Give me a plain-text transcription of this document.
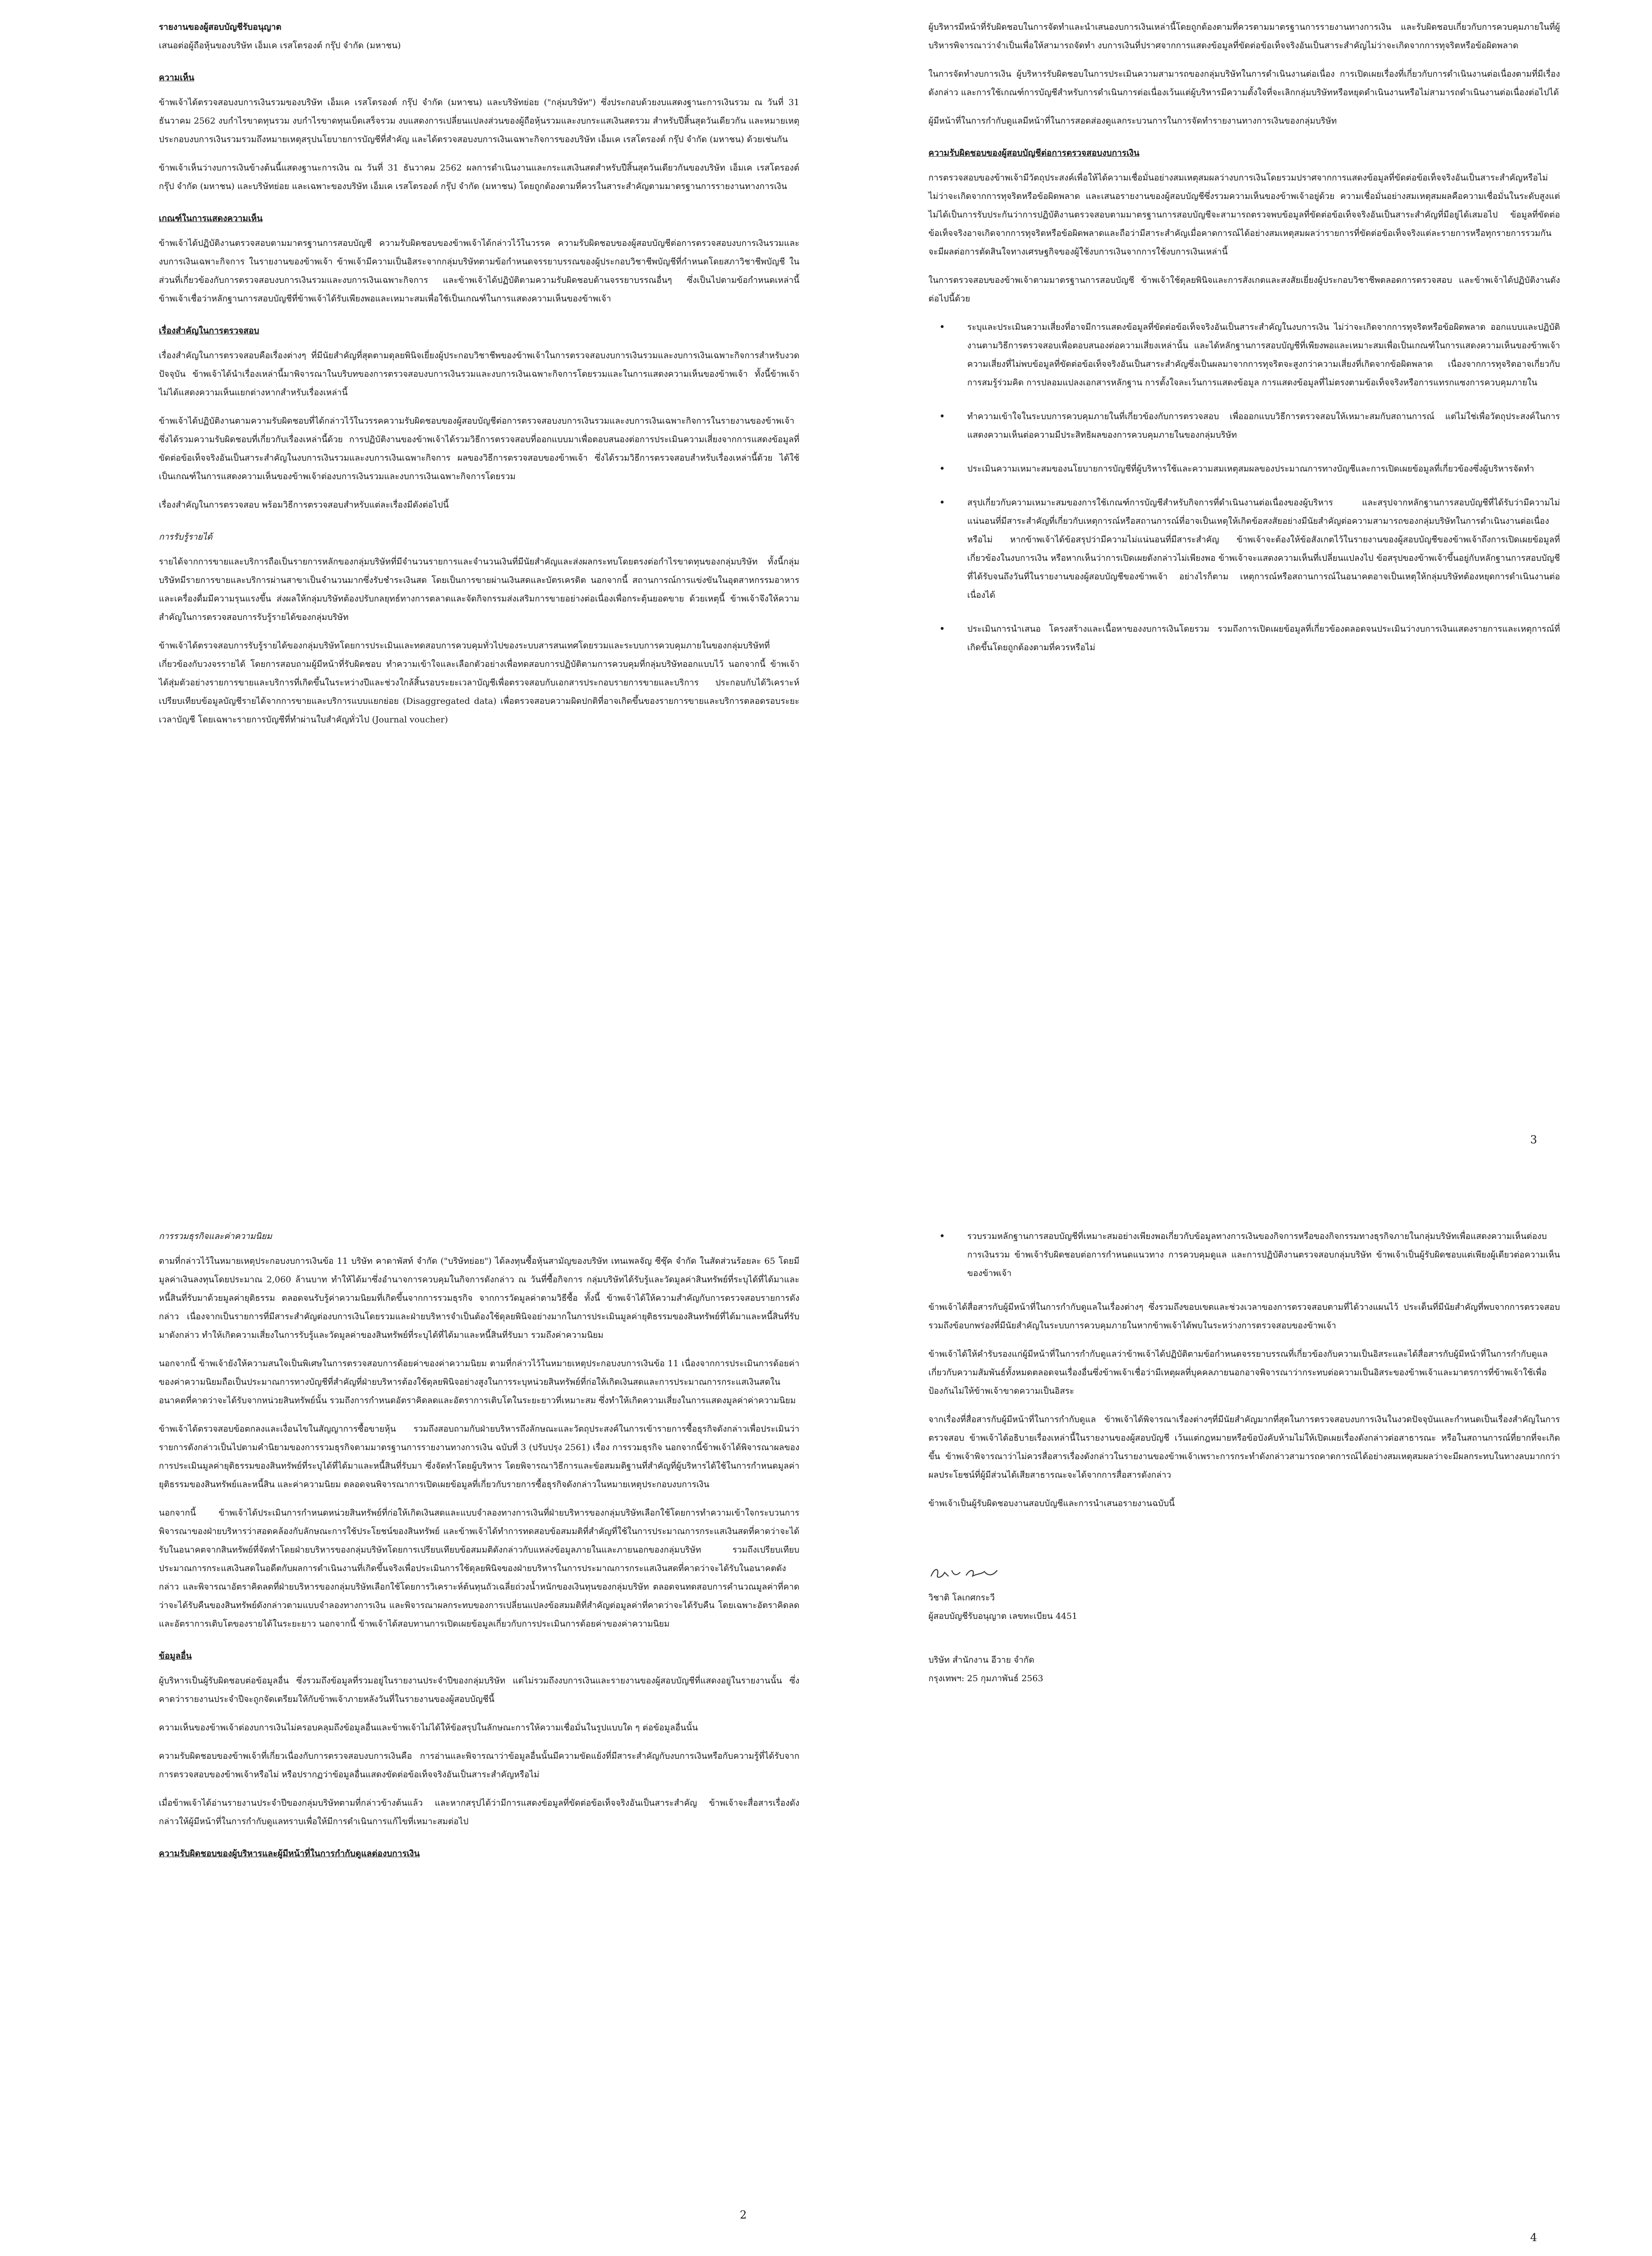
รายงานของผู้สอบบัญชีรับอนุญาต

เสนอต่อผู้ถือหุ้นของบริษัท เอ็มเค เรสโตรองต์ กรุ๊ป จำกัด (มหาชน)

ความเห็น

ข้าพเจ้าได้ตรวจสอบงบการเงินรวมของบริษัท เอ็มเค เรสโตรองต์ กรุ๊ป จำกัด (มหาชน) และบริษัทย่อย ("กลุ่มบริษัท") ซึ่งประกอบด้วยงบแสดงฐานะการเงินรวม ณ วันที่ 31 ธันวาคม 2562 งบกำไรขาดทุนรวม งบกำไรขาดทุนเบ็ดเสร็จรวม งบแสดงการเปลี่ยนแปลงส่วนของผู้ถือหุ้นรวมและงบกระแสเงินสดรวม สำหรับปีสิ้นสุดวันเดียวกัน และหมายเหตุประกอบงบการเงินรวมรวมถึงหมายเหตุสรุปนโยบายการบัญชีที่สำคัญ และได้ตรวจสอบงบการเงินเฉพาะกิจการของบริษัท เอ็มเค เรสโตรองต์ กรุ๊ป จำกัด (มหาชน) ด้วยเช่นกัน

ข้าพเจ้าเห็นว่างบการเงินข้างต้นนี้แสดงฐานะการเงิน ณ วันที่ 31 ธันวาคม 2562 ผลการดำเนินงานและกระแสเงินสดสำหรับปีสิ้นสุดวันเดียวกันของบริษัท เอ็มเค เรสโตรองต์ กรุ๊ป จำกัด (มหาชน) และบริษัทย่อย และเฉพาะของบริษัท เอ็มเค เรสโตรองต์ กรุ๊ป จำกัด (มหาชน) โดยถูกต้องตามที่ควรในสาระสำคัญตามมาตรฐานการรายงานทางการเงิน

เกณฑ์ในการแสดงความเห็น

ข้าพเจ้าได้ปฏิบัติงานตรวจสอบตามมาตรฐานการสอบบัญชี ความรับผิดชอบของข้าพเจ้าได้กล่าวไว้ในวรรค ความรับผิดชอบของผู้สอบบัญชีต่อการตรวจสอบงบการเงินรวมและงบการเงินเฉพาะกิจการ ในรายงานของข้าพเจ้า ข้าพเจ้ามีความเป็นอิสระจากกลุ่มบริษัทตามข้อกำหนดจรรยาบรรณของผู้ประกอบวิชาชีพบัญชีที่กำหนดโดยสภาวิชาชีพบัญชี ในส่วนที่เกี่ยวข้องกับการตรวจสอบงบการเงินรวมและงบการเงินเฉพาะกิจการ และข้าพเจ้าได้ปฏิบัติตามความรับผิดชอบด้านจรรยาบรรณอื่นๆ ซึ่งเป็นไปตามข้อกำหนดเหล่านี้ ข้าพเจ้าเชื่อว่าหลักฐานการสอบบัญชีที่ข้าพเจ้าได้รับเพียงพอและเหมาะสมเพื่อใช้เป็นเกณฑ์ในการแสดงความเห็นของข้าพเจ้า

เรื่องสำคัญในการตรวจสอบ

เรื่องสำคัญในการตรวจสอบคือเรื่องต่างๆ ที่มีนัยสำคัญที่สุดตามดุลยพินิจเยี่ยงผู้ประกอบวิชาชีพของข้าพเจ้าในการตรวจสอบงบการเงินรวมและงบการเงินเฉพาะกิจการสำหรับงวดปัจจุบัน ข้าพเจ้าได้นำเรื่องเหล่านี้มาพิจารณาในบริบทของการตรวจสอบงบการเงินรวมและงบการเงินเฉพาะกิจการโดยรวมและในการแสดงความเห็นของข้าพเจ้า ทั้งนี้ข้าพเจ้าไม่ได้แสดงความเห็นแยกต่างหากสำหรับเรื่องเหล่านี้

ข้าพเจ้าได้ปฏิบัติงานตามความรับผิดชอบที่ได้กล่าวไว้ในวรรคความรับผิดชอบของผู้สอบบัญชีต่อการตรวจสอบงบการเงินรวมและงบการเงินเฉพาะกิจการในรายงานของข้าพเจ้า ซึ่งได้รวมความรับผิดชอบที่เกี่ยวกับเรื่องเหล่านี้ด้วย การปฏิบัติงานของข้าพเจ้าได้รวมวิธีการตรวจสอบที่ออกแบบมาเพื่อตอบสนองต่อการประเมินความเสี่ยงจากการแสดงข้อมูลที่ขัดต่อข้อเท็จจริงอันเป็นสาระสำคัญในงบการเงินรวมและงบการเงินเฉพาะกิจการ ผลของวิธีการตรวจสอบของข้าพเจ้า ซึ่งได้รวมวิธีการตรวจสอบสำหรับเรื่องเหล่านี้ด้วย ได้ใช้เป็นเกณฑ์ในการแสดงความเห็นของข้าพเจ้าต่องบการเงินรวมและงบการเงินเฉพาะกิจการโดยรวม

เรื่องสำคัญในการตรวจสอบ พร้อมวิธีการตรวจสอบสำหรับแต่ละเรื่องมีดังต่อไปนี้

การรับรู้รายได้

รายได้จากการขายและบริการถือเป็นรายการหลักของกลุ่มบริษัทที่มีจำนวนรายการและจำนวนเงินที่มีนัยสำคัญและส่งผลกระทบโดยตรงต่อกำไรขาดทุนของกลุ่มบริษัท ทั้งนี้กลุ่มบริษัทมีรายการขายและบริการผ่านสาขาเป็นจำนวนมากซึ่งรับชำระเงินสด โดยเป็นการขายผ่านเงินสดและบัตรเครดิต นอกจากนี้ สถานการณ์การแข่งขันในอุตสาหกรรมอาหารและเครื่องดื่มมีความรุนแรงขึ้น ส่งผลให้กลุ่มบริษัทต้องปรับกลยุทธ์ทางการตลาดและจัดกิจกรรมส่งเสริมการขายอย่างต่อเนื่องเพื่อกระตุ้นยอดขาย ด้วยเหตุนี้ ข้าพเจ้าจึงให้ความสำคัญในการตรวจสอบการรับรู้รายได้ของกลุ่มบริษัท

ข้าพเจ้าได้ตรวจสอบการรับรู้รายได้ของกลุ่มบริษัทโดยการประเมินและทดสอบการควบคุมทั่วไปของระบบสารสนเทศโดยรวมและระบบการควบคุมภายในของกลุ่มบริษัทที่เกี่ยวข้องกับวงจรรายได้ โดยการสอบถามผู้มีหน้าที่รับผิดชอบ ทำความเข้าใจและเลือกตัวอย่างเพื่อทดสอบการปฏิบัติตามการควบคุมที่กลุ่มบริษัทออกแบบไว้ นอกจากนี้ ข้าพเจ้าได้สุ่มตัวอย่างรายการขายและบริการที่เกิดขึ้นในระหว่างปีและช่วงใกล้สิ้นรอบระยะเวลาบัญชีเพื่อตรวจสอบกับเอกสารประกอบรายการขายและบริการ ประกอบกับได้วิเคราะห์เปรียบเทียบข้อมูลบัญชีรายได้จากการขายและบริการแบบแยกย่อย (Disaggregated data) เพื่อตรวจสอบความผิดปกติที่อาจเกิดขึ้นของรายการขายและบริการตลอดรอบระยะเวลาบัญชี โดยเฉพาะรายการบัญชีที่ทำผ่านใบสำคัญทั่วไป (Journal voucher)

ผู้บริหารมีหน้าที่รับผิดชอบในการจัดทำและนำเสนองบการเงินเหล่านี้โดยถูกต้องตามที่ควรตามมาตรฐานการรายงานทางการเงิน และรับผิดชอบเกี่ยวกับการควบคุมภายในที่ผู้บริหารพิจารณาว่าจำเป็นเพื่อให้สามารถจัดทำ งบการเงินที่ปราศจากการแสดงข้อมูลที่ขัดต่อข้อเท็จจริงอันเป็นสาระสำคัญไม่ว่าจะเกิดจากการทุจริตหรือข้อผิดพลาด

ในการจัดทำงบการเงิน ผู้บริหารรับผิดชอบในการประเมินความสามารถของกลุ่มบริษัทในการดำเนินงานต่อเนื่อง การเปิดเผยเรื่องที่เกี่ยวกับการดำเนินงานต่อเนื่องตามที่มีเรื่องดังกล่าว และการใช้เกณฑ์การบัญชีสำหรับการดำเนินการต่อเนื่องเว้นแต่ผู้บริหารมีความตั้งใจที่จะเลิกกลุ่มบริษัทหรือหยุดดำเนินงานหรือไม่สามารถดำเนินงานต่อเนื่องต่อไปได้

ผู้มีหน้าที่ในการกำกับดูแลมีหน้าที่ในการสอดส่องดูแลกระบวนการในการจัดทำรายงานทางการเงินของกลุ่มบริษัท

ความรับผิดชอบของผู้สอบบัญชีต่อการตรวจสอบงบการเงิน

การตรวจสอบของข้าพเจ้ามีวัตถุประสงค์เพื่อให้ได้ความเชื่อมั่นอย่างสมเหตุสมผลว่างบการเงินโดยรวมปราศจากการแสดงข้อมูลที่ขัดต่อข้อเท็จจริงอันเป็นสาระสำคัญหรือไม่ ไม่ว่าจะเกิดจากการทุจริตหรือข้อผิดพลาด และเสนอรายงานของผู้สอบบัญชีซึ่งรวมความเห็นของข้าพเจ้าอยู่ด้วย ความเชื่อมั่นอย่างสมเหตุสมผลคือความเชื่อมั่นในระดับสูงแต่ไม่ได้เป็นการรับประกันว่าการปฏิบัติงานตรวจสอบตามมาตรฐานการสอบบัญชีจะสามารถตรวจพบข้อมูลที่ขัดต่อข้อเท็จจริงอันเป็นสาระสำคัญที่มีอยู่ได้เสมอไป ข้อมูลที่ขัดต่อข้อเท็จจริงอาจเกิดจากการทุจริตหรือข้อผิดพลาดและถือว่ามีสาระสำคัญเมื่อคาดการณ์ได้อย่างสมเหตุสมผลว่ารายการที่ขัดต่อข้อเท็จจริงแต่ละรายการหรือทุกรายการรวมกันจะมีผลต่อการตัดสินใจทางเศรษฐกิจของผู้ใช้งบการเงินจากการใช้งบการเงินเหล่านี้

ในการตรวจสอบของข้าพเจ้าตามมาตรฐานการสอบบัญชี ข้าพเจ้าใช้ดุลยพินิจและการสังเกตและสงสัยเยี่ยงผู้ประกอบวิชาชีพตลอดการตรวจสอบ และข้าพเจ้าได้ปฏิบัติงานดังต่อไปนี้ด้วย

•	ระบุและประเมินความเสี่ยงที่อาจมีการแสดงข้อมูลที่ขัดต่อข้อเท็จจริงอันเป็นสาระสำคัญในงบการเงิน ไม่ว่าจะเกิดจากการทุจริตหรือข้อผิดพลาด ออกแบบและปฏิบัติงานตามวิธีการตรวจสอบเพื่อตอบสนองต่อความเสี่ยงเหล่านั้น และได้หลักฐานการสอบบัญชีที่เพียงพอและเหมาะสมเพื่อเป็นเกณฑ์ในการแสดงความเห็นของข้าพเจ้า ความเสี่ยงที่ไม่พบข้อมูลที่ขัดต่อข้อเท็จจริงอันเป็นสาระสำคัญซึ่งเป็นผลมาจากการทุจริตจะสูงกว่าความเสี่ยงที่เกิดจากข้อผิดพลาด เนื่องจากการทุจริตอาจเกี่ยวกับการสมรู้ร่วมคิด การปลอมแปลงเอกสารหลักฐาน การตั้งใจละเว้นการแสดงข้อมูล การแสดงข้อมูลที่ไม่ตรงตามข้อเท็จจริงหรือการแทรกแซงการควบคุมภายใน
•	ทำความเข้าใจในระบบการควบคุมภายในที่เกี่ยวข้องกับการตรวจสอบ เพื่อออกแบบวิธีการตรวจสอบให้เหมาะสมกับสถานการณ์ แต่ไม่ใช่เพื่อวัตถุประสงค์ในการแสดงความเห็นต่อความมีประสิทธิผลของการควบคุมภายในของกลุ่มบริษัท
•	ประเมินความเหมาะสมของนโยบายการบัญชีที่ผู้บริหารใช้และความสมเหตุสมผลของประมาณการทางบัญชีและการเปิดเผยข้อมูลที่เกี่ยวข้องซึ่งผู้บริหารจัดทำ
•	สรุปเกี่ยวกับความเหมาะสมของการใช้เกณฑ์การบัญชีสำหรับกิจการที่ดำเนินงานต่อเนื่องของผู้บริหาร และสรุปจากหลักฐานการสอบบัญชีที่ได้รับว่ามีความไม่แน่นอนที่มีสาระสำคัญที่เกี่ยวกับเหตุการณ์หรือสถานการณ์ที่อาจเป็นเหตุให้เกิดข้อสงสัยอย่างมีนัยสำคัญต่อความสามารถของกลุ่มบริษัทในการดำเนินงานต่อเนื่องหรือไม่ หากข้าพเจ้าได้ข้อสรุปว่ามีความไม่แน่นอนที่มีสาระสำคัญ ข้าพเจ้าจะต้องให้ข้อสังเกตไว้ในรายงานของผู้สอบบัญชีของข้าพเจ้าถึงการเปิดเผยข้อมูลที่เกี่ยวข้องในงบการเงิน หรือหากเห็นว่าการเปิดเผยดังกล่าวไม่เพียงพอ ข้าพเจ้าจะแสดงความเห็นที่เปลี่ยนแปลงไป ข้อสรุปของข้าพเจ้าขึ้นอยู่กับหลักฐานการสอบบัญชีที่ได้รับจนถึงวันที่ในรายงานของผู้สอบบัญชีของข้าพเจ้า อย่างไรก็ตาม เหตุการณ์หรือสถานการณ์ในอนาคตอาจเป็นเหตุให้กลุ่มบริษัทต้องหยุดการดำเนินงานต่อเนื่องได้
•	ประเมินการนำเสนอ โครงสร้างและเนื้อหาของงบการเงินโดยรวม รวมถึงการเปิดเผยข้อมูลที่เกี่ยวข้องตลอดจนประเมินว่างบการเงินแสดงรายการและเหตุการณ์ที่เกิดขึ้นโดยถูกต้องตามที่ควรหรือไม่

การรวมธุรกิจและค่าความนิยม

ตามที่กล่าวไว้ในหมายเหตุประกอบงบการเงินข้อ 11 บริษัท คาดาพัสท์ จำกัด ("บริษัทย่อย") ได้ลงทุนซื้อหุ้นสามัญของบริษัท เทนเพลจัญ ซีซุ๊ค จำกัด ในสัดส่วนร้อยละ 65 โดยมีมูลค่าเงินลงทุนโดยประมาณ 2,060 ล้านบาท ทำให้ได้มาซึ่งอำนาจการควบคุมในกิจการดังกล่าว ณ วันที่ซื้อกิจการ กลุ่มบริษัทได้รับรู้และวัดมูลค่าสินทรัพย์ที่ระบุได้ที่ได้มาและหนี้สินที่รับมาด้วยมูลค่ายุติธรรม ตลอดจนรับรู้ค่าความนิยมที่เกิดขึ้นจากการรวมธุรกิจ จากการวัดมูลค่าตามวิธีซื้อ ทั้งนี้ ข้าพเจ้าได้ให้ความสำคัญกับการตรวจสอบรายการดังกล่าว เนื่องจากเป็นรายการที่มีสาระสำคัญต่องบการเงินโดยรวมและฝ่ายบริหารจำเป็นต้องใช้ดุลยพินิจอย่างมากในการประเมินมูลค่ายุติธรรมของสินทรัพย์ที่ได้มาและหนี้สินที่รับมาดังกล่าว ทำให้เกิดความเสี่ยงในการรับรู้และวัดมูลค่าของสินทรัพย์ที่ระบุได้ที่ได้มาและหนี้สินที่รับมา รวมถึงค่าความนิยม

นอกจากนี้ ข้าพเจ้ายังให้ความสนใจเป็นพิเศษในการตรวจสอบการด้อยค่าของค่าความนิยม ตามที่กล่าวไว้ในหมายเหตุประกอบงบการเงินข้อ 11 เนื่องจากการประเมินการด้อยค่าของค่าความนิยมถือเป็นประมาณการทางบัญชีที่สำคัญที่ฝ่ายบริหารต้องใช้ดุลยพินิจอย่างสูงในการระบุหน่วยสินทรัพย์ที่ก่อให้เกิดเงินสดและการประมาณการกระแสเงินสดในอนาคตที่คาดว่าจะได้รับจากหน่วยสินทรัพย์นั้น รวมถึงการกำหนดอัตราคิดลดและอัตราการเติบโตในระยะยาวที่เหมาะสม ซึ่งทำให้เกิดความเสี่ยงในการแสดงมูลค่าค่าความนิยม

ข้าพเจ้าได้ตรวจสอบข้อตกลงและเงื่อนไขในสัญญาการซื้อขายหุ้น รวมถึงสอบถามกับฝ่ายบริหารถึงลักษณะและวัตถุประสงค์ในการเข้ารายการซื้อธุรกิจดังกล่าวเพื่อประเมินว่ารายการดังกล่าวเป็นไปตามคำนิยามของการรวมธุรกิจตามมาตรฐานการรายงานทางการเงิน ฉบับที่ 3 (ปรับปรุง 2561) เรื่อง การรวมธุรกิจ นอกจากนี้ข้าพเจ้าได้พิจารณาผลของการประเมินมูลค่ายุติธรรมของสินทรัพย์ที่ระบุได้ที่ได้มาและหนี้สินที่รับมา ซึ่งจัดทำโดยผู้บริหาร โดยพิจารณาวิธีการและข้อสมมติฐานที่สำคัญที่ผู้บริหารได้ใช้ในการกำหนดมูลค่ายุติธรรมของสินทรัพย์และหนี้สิน และค่าความนิยม ตลอดจนพิจารณาการเปิดเผยข้อมูลที่เกี่ยวกับรายการซื้อธุรกิจดังกล่าวในหมายเหตุประกอบงบการเงิน

นอกจากนี้ ข้าพเจ้าได้ประเมินการกำหนดหน่วยสินทรัพย์ที่ก่อให้เกิดเงินสดและแบบจำลองทางการเงินที่ฝ่ายบริหารของกลุ่มบริษัทเลือกใช้โดยการทำความเข้าใจกระบวนการพิจารณาของฝ่ายบริหารว่าสอดคล้องกับลักษณะการใช้ประโยชน์ของสินทรัพย์ และข้าพเจ้าได้ทำการทดสอบข้อสมมติที่สำคัญที่ใช้ในการประมาณการกระแสเงินสดที่คาดว่าจะได้รับในอนาคตจากสินทรัพย์ที่จัดทำโดยฝ่ายบริหารของกลุ่มบริษัทโดยการเปรียบเทียบข้อสมมติดังกล่าวกับแหล่งข้อมูลภายในและภายนอกของกลุ่มบริษัท รวมถึงเปรียบเทียบประมาณการกระแสเงินสดในอดีตกับผลการดำเนินงานที่เกิดขึ้นจริงเพื่อประเมินการใช้ดุลยพินิจของฝ่ายบริหารในการประมาณการกระแสเงินสดที่คาดว่าจะได้รับในอนาคตดังกล่าว และพิจารณาอัตราคิดลดที่ฝ่ายบริหารของกลุ่มบริษัทเลือกใช้โดยการวิเคราะห์ต้นทุนถัวเฉลี่ยถ่วงน้ำหนักของเงินทุนของกลุ่มบริษัท ตลอดจนทดสอบการคำนวณมูลค่าที่คาดว่าจะได้รับคืนของสินทรัพย์ดังกล่าวตามแบบจำลองทางการเงิน และพิจารณาผลกระทบของการเปลี่ยนแปลงข้อสมมติที่สำคัญต่อมูลค่าที่คาดว่าจะได้รับคืน โดยเฉพาะอัตราคิดลดและอัตราการเติบโตของรายได้ในระยะยาว นอกจากนี้ ข้าพเจ้าได้สอบทานการเปิดเผยข้อมูลเกี่ยวกับการประเมินการด้อยค่าของค่าความนิยม

ข้อมูลอื่น

ผู้บริหารเป็นผู้รับผิดชอบต่อข้อมูลอื่น ซึ่งรวมถึงข้อมูลที่รวมอยู่ในรายงานประจำปีของกลุ่มบริษัท แต่ไม่รวมถึงงบการเงินและรายงานของผู้สอบบัญชีที่แสดงอยู่ในรายงานนั้น ซึ่งคาดว่ารายงานประจำปีจะถูกจัดเตรียมให้กับข้าพเจ้าภายหลังวันที่ในรายงานของผู้สอบบัญชีนี้

ความเห็นของข้าพเจ้าต่องบการเงินไม่ครอบคลุมถึงข้อมูลอื่นและข้าพเจ้าไม่ได้ให้ข้อสรุปในลักษณะการให้ความเชื่อมั่นในรูปแบบใด ๆ ต่อข้อมูลอื่นนั้น

ความรับผิดชอบของข้าพเจ้าที่เกี่ยวเนื่องกับการตรวจสอบงบการเงินคือ การอ่านและพิจารณาว่าข้อมูลอื่นนั้นมีความขัดแย้งที่มีสาระสำคัญกับงบการเงินหรือกับความรู้ที่ได้รับจากการตรวจสอบของข้าพเจ้าหรือไม่ หรือปรากฏว่าข้อมูลอื่นแสดงขัดต่อข้อเท็จจริงอันเป็นสาระสำคัญหรือไม่

เมื่อข้าพเจ้าได้อ่านรายงานประจำปีของกลุ่มบริษัทตามที่กล่าวข้างต้นแล้ว และหากสรุปได้ว่ามีการแสดงข้อมูลที่ขัดต่อข้อเท็จจริงอันเป็นสาระสำคัญ ข้าพเจ้าจะสื่อสารเรื่องดังกล่าวให้ผู้มีหน้าที่ในการกำกับดูแลทราบเพื่อให้มีการดำเนินการแก้ไขที่เหมาะสมต่อไป

ความรับผิดชอบของผู้บริหารและผู้มีหน้าที่ในการกำกับดูแลต่องบการเงิน

•	รวบรวมหลักฐานการสอบบัญชีที่เหมาะสมอย่างเพียงพอเกี่ยวกับข้อมูลทางการเงินของกิจการหรือของกิจกรรมทางธุรกิจภายในกลุ่มบริษัทเพื่อแสดงความเห็นต่องบการเงินรวม ข้าพเจ้ารับผิดชอบต่อการกำหนดแนวทาง การควบคุมดูแล และการปฏิบัติงานตรวจสอบกลุ่มบริษัท ข้าพเจ้าเป็นผู้รับผิดชอบแต่เพียงผู้เดียวต่อความเห็นของข้าพเจ้า

ข้าพเจ้าได้สื่อสารกับผู้มีหน้าที่ในการกำกับดูแลในเรื่องต่างๆ ซึ่งรวมถึงขอบเขตและช่วงเวลาของการตรวจสอบตามที่ได้วางแผนไว้ ประเด็นที่มีนัยสำคัญที่พบจากการตรวจสอบรวมถึงข้อบกพร่องที่มีนัยสำคัญในระบบการควบคุมภายในหากข้าพเจ้าได้พบในระหว่างการตรวจสอบของข้าพเจ้า

ข้าพเจ้าได้ให้คำรับรองแก่ผู้มีหน้าที่ในการกำกับดูแลว่าข้าพเจ้าได้ปฏิบัติตามข้อกำหนดจรรยาบรรณที่เกี่ยวข้องกับความเป็นอิสระและได้สื่อสารกับผู้มีหน้าที่ในการกำกับดูแลเกี่ยวกับความสัมพันธ์ทั้งหมดตลอดจนเรื่องอื่นซึ่งข้าพเจ้าเชื่อว่ามีเหตุผลที่บุคคลภายนอกอาจพิจารณาว่ากระทบต่อความเป็นอิสระของข้าพเจ้าและมาตรการที่ข้าพเจ้าใช้เพื่อป้องกันไม่ให้ข้าพเจ้าขาดความเป็นอิสระ

จากเรื่องที่สื่อสารกับผู้มีหน้าที่ในการกำกับดูแล ข้าพเจ้าได้พิจารณาเรื่องต่างๆที่มีนัยสำคัญมากที่สุดในการตรวจสอบงบการเงินในงวดปัจจุบันและกำหนดเป็นเรื่องสำคัญในการตรวจสอบ ข้าพเจ้าได้อธิบายเรื่องเหล่านี้ในรายงานของผู้สอบบัญชี เว้นแต่กฎหมายหรือข้อบังคับห้ามไม่ให้เปิดเผยเรื่องดังกล่าวต่อสาธารณะ หรือในสถานการณ์ที่ยากที่จะเกิดขึ้น ข้าพเจ้าพิจารณาว่าไม่ควรสื่อสารเรื่องดังกล่าวในรายงานของข้าพเจ้าเพราะการกระทำดังกล่าวสามารถคาดการณ์ได้อย่างสมเหตุสมผลว่าจะมีผลกระทบในทางลบมากกว่าผลประโยชน์ที่ผู้มีส่วนได้เสียสาธารณะจะได้จากการสื่อสารดังกล่าว

ข้าพเจ้าเป็นผู้รับผิดชอบงานสอบบัญชีและการนำเสนอรายงานฉบับนี้

วิชาติ โลเกศกระวี

ผู้สอบบัญชีรับอนุญาต เลขทะเบียน 4451

บริษัท สำนักงาน อีวาย จำกัด

กรุงเทพฯ: 25 กุมภาพันธ์ 2563

3
2
4
